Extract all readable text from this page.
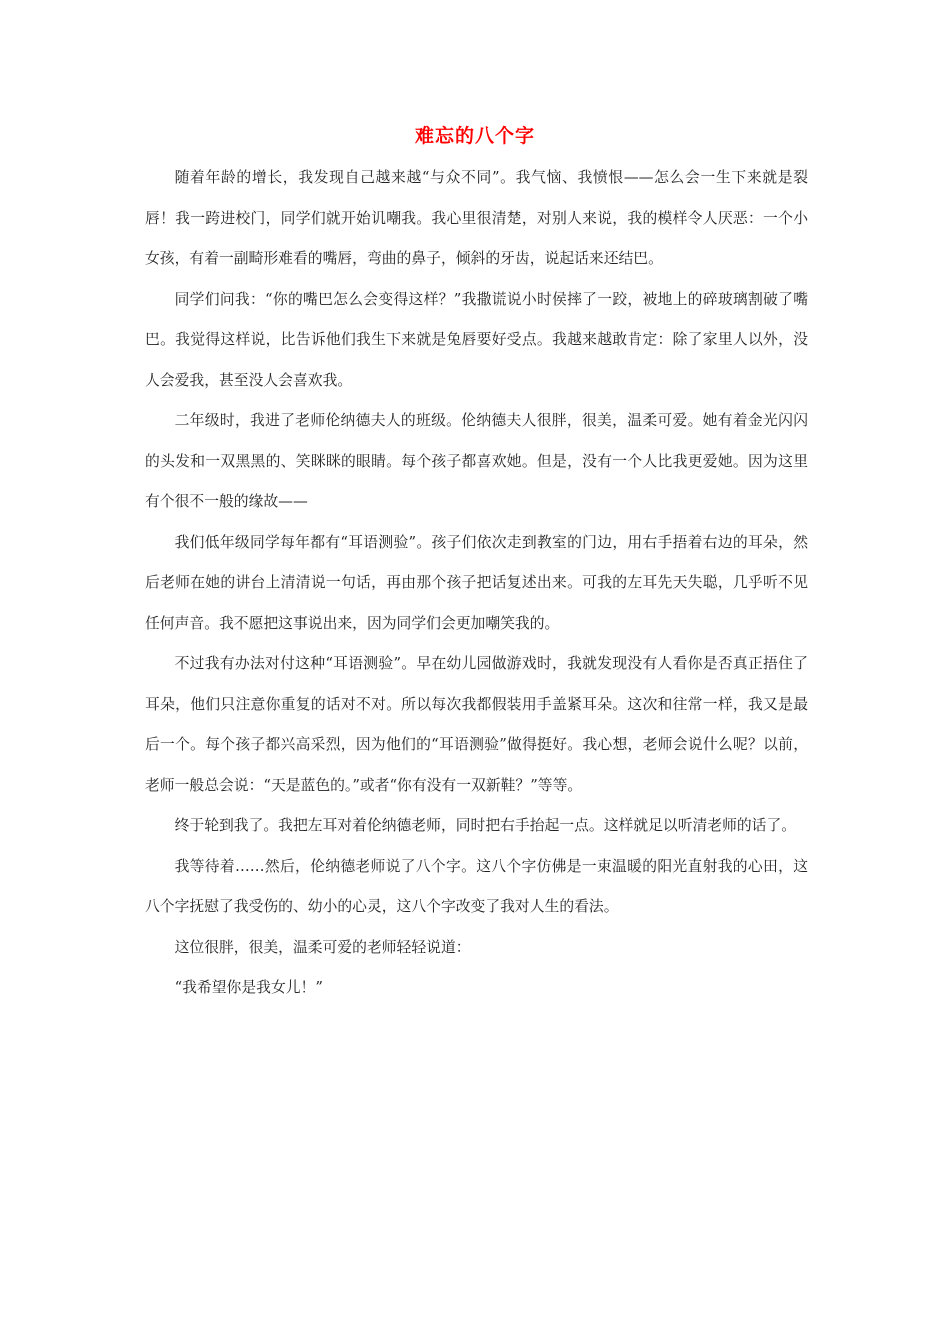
难忘的八个字

随着年龄的增长，我发现自己越来越“与众不同”。我气恼、我愤恨——怎么会一生下来就是裂唇！我一跨进校门，同学们就开始讥嘲我。我心里很清楚，对别人来说，我的模样令人厌恶：一个小女孩，有着一副畸形难看的嘴唇，弯曲的鼻子，倾斜的牙齿，说起话来还结巴。

同学们问我：“你的嘴巴怎么会变得这样？”我撒谎说小时侯摔了一跤，被地上的碎玻璃割破了嘴巴。我觉得这样说，比告诉他们我生下来就是兔唇要好受点。我越来越敢肯定：除了家里人以外，没人会爱我，甚至没人会喜欢我。

二年级时，我进了老师伦纳德夫人的班级。伦纳德夫人很胖，很美，温柔可爱。她有着金光闪闪的头发和一双黑黑的、笑眯眯的眼睛。每个孩子都喜欢她。但是，没有一个人比我更爱她。因为这里有个很不一般的缘故——

我们低年级同学每年都有“耳语测验”。孩子们依次走到教室的门边，用右手捂着右边的耳朵，然后老师在她的讲台上清清说一句话，再由那个孩子把话复述出来。可我的左耳先天失聪，几乎听不见任何声音。我不愿把这事说出来，因为同学们会更加嘲笑我的。

不过我有办法对付这种“耳语测验”。早在幼儿园做游戏时，我就发现没有人看你是否真正捂住了耳朵，他们只注意你重复的话对不对。所以每次我都假装用手盖紧耳朵。这次和往常一样，我又是最后一个。每个孩子都兴高采烈，因为他们的“耳语测验”做得挺好。我心想，老师会说什么呢？以前，老师一般总会说：“天是蓝色的。”或者“你有没有一双新鞋？”等等。

终于轮到我了。我把左耳对着伦纳德老师，同时把右手抬起一点。这样就足以听清老师的话了。

我等待着……然后，伦纳德老师说了八个字。这八个字仿佛是一束温暖的阳光直射我的心田，这八个字抚慰了我受伤的、幼小的心灵，这八个字改变了我对人生的看法。

这位很胖，很美，温柔可爱的老师轻轻说道：

“我希望你是我女儿！”
